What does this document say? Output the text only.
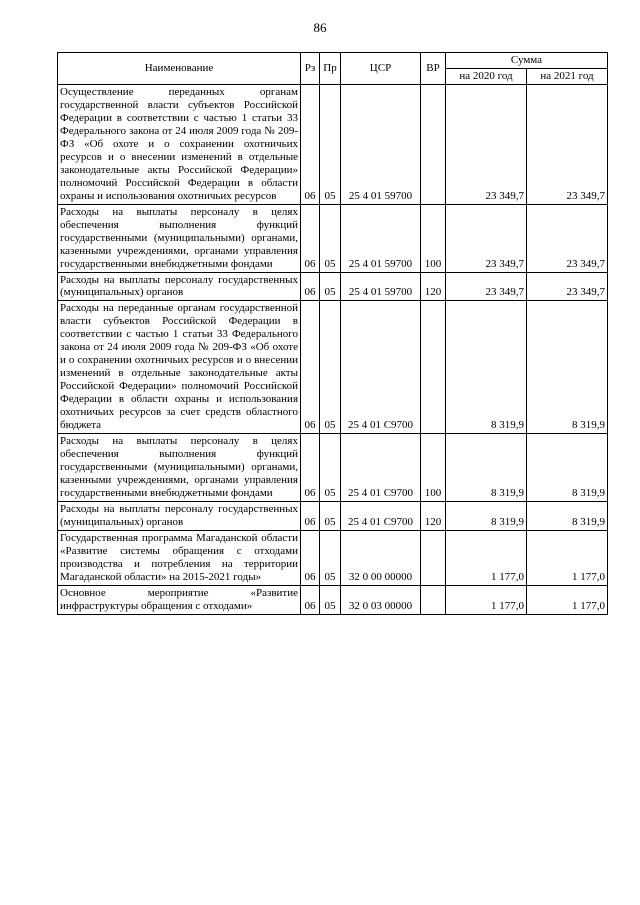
86
Наименование	Рз	Пр	ЦСР	ВР	Сумма	
					на 2020 год	на 2021 год
Осуществление переданных органам государственной власти субъектов Российской Федерации в соответствии с частью 1 статьи 33 Федерального закона от 24 июля 2009 года № 209-ФЗ «Об охоте и о сохранении охотничьих ресурсов и о внесении изменений в отдельные законодательные акты Российской Федерации» полномочий Российской Федерации в области охраны и использования охотничьих ресурсов	06	05	25 4 01 59700		23 349,7	23 349,7
Расходы на выплаты персоналу в целях обеспечения выполнения функций государственными (муниципальными) органами, казенными учреждениями, органами управления государственными внебюджетными фондами	06	05	25 4 01 59700	100	23 349,7	23 349,7
Расходы на выплаты персоналу государственных (муниципальных) органов	06	05	25 4 01 59700	120	23 349,7	23 349,7
Расходы на переданные органам государственной власти субъектов Российской Федерации в соответствии с частью 1 статьи 33 Федерального закона от 24 июля 2009 года № 209-ФЗ «Об охоте и о сохранении охотничьих ресурсов и о внесении изменений в отдельные законодательные акты Российской Федерации» полномочий Российской Федерации в области охраны и использования охотничьих ресурсов за счет средств областного бюджета	06	05	25 4 01 С9700		8 319,9	8 319,9
Расходы на выплаты персоналу в целях обеспечения выполнения функций государственными (муниципальными) органами, казенными учреждениями, органами управления государственными внебюджетными фондами	06	05	25 4 01 С9700	100	8 319,9	8 319,9
Расходы на выплаты персоналу государственных (муниципальных) органов	06	05	25 4 01 С9700	120	8 319,9	8 319,9
Государственная программа Магаданской области «Развитие системы обращения с отходами производства и потребления на территории Магаданской области» на 2015-2021 годы»	06	05	32 0 00 00000		1 177,0	1 177,0
Основное мероприятие «Развитие инфраструктуры обращения с отходами»	06	05	32 0 03 00000		1 177,0	1 177,0
